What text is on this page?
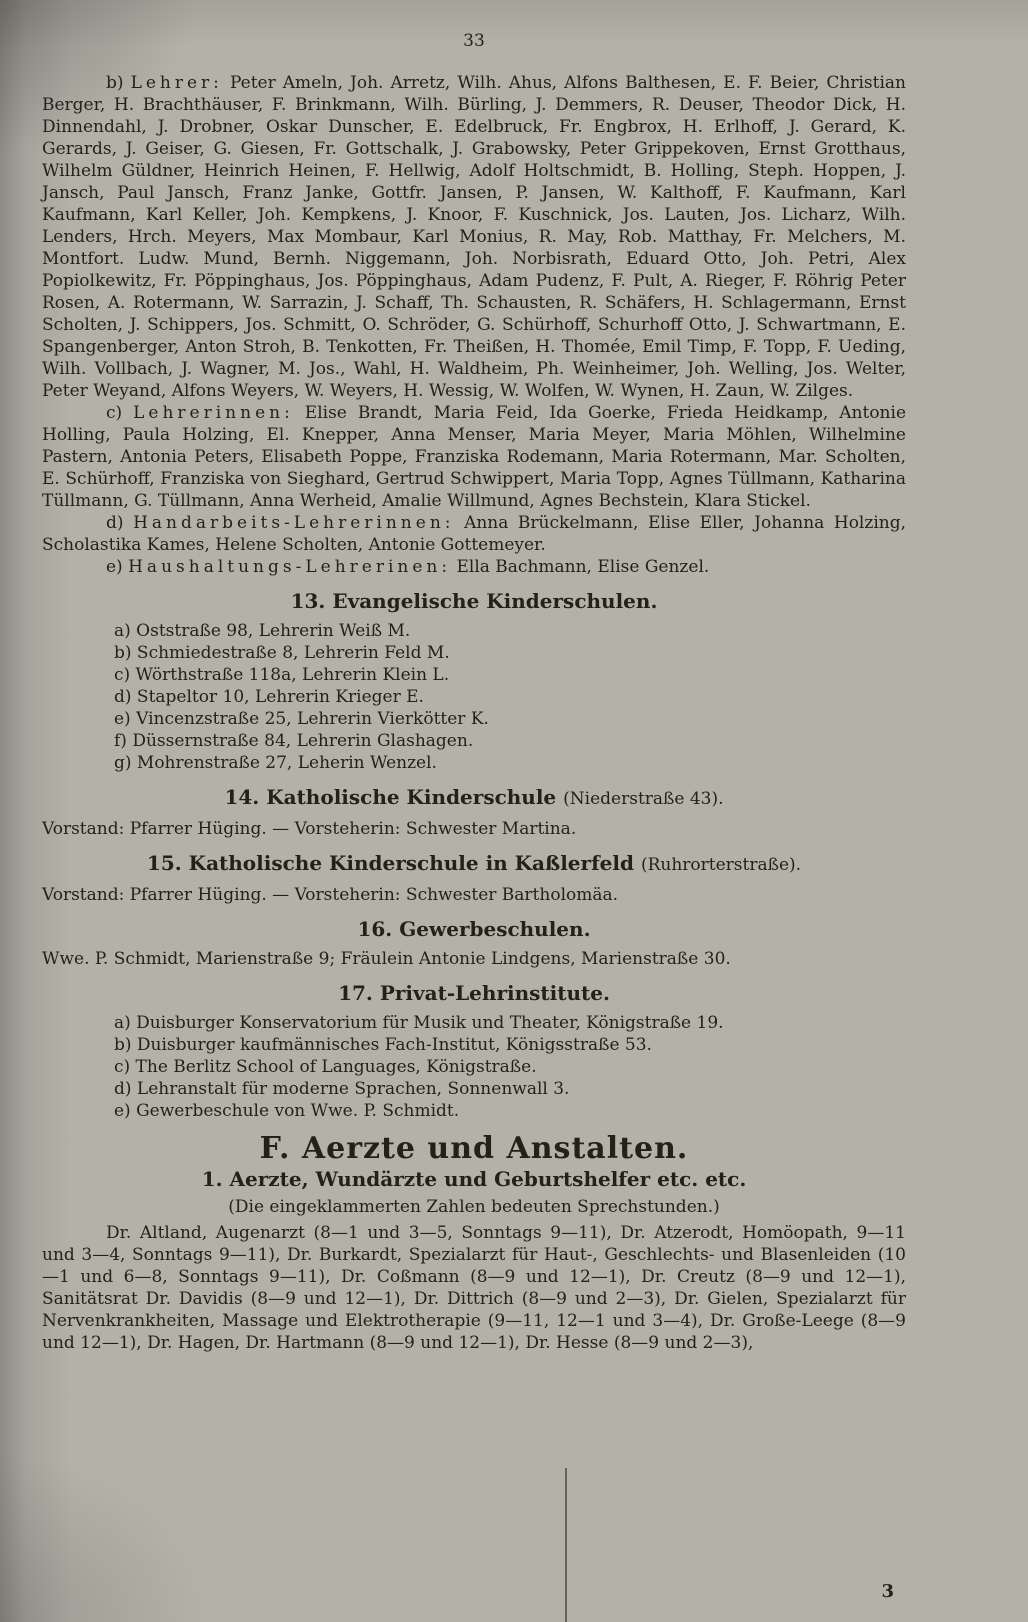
33

b) Lehrer: Peter Ameln, Joh. Arretz, Wilh. Ahus, Alfons Balthesen, E. F. Beier, Christian Berger, H. Brachthäuser, F. Brinkmann, Wilh. Bürling, J. Demmers, R. Deuser, Theodor Dick, H. Dinnendahl, J. Drobner, Oskar Dunscher, E. Edelbruck, Fr. Engbrox, H. Erlhoff, J. Gerard, K. Gerards, J. Geiser, G. Giesen, Fr. Gottschalk, J. Grabowsky, Peter Grippekoven, Ernst Grotthaus, Wilhelm Güldner, Heinrich Heinen, F. Hellwig, Adolf Holtschmidt, B. Holling, Steph. Hoppen, J. Jansch, Paul Jansch, Franz Janke, Gottfr. Jansen, P. Jansen, W. Kalthoff, F. Kaufmann, Karl Kaufmann, Karl Keller, Joh. Kempkens, J. Knoor, F. Kuschnick, Jos. Lauten, Jos. Licharz, Wilh. Lenders, Hrch. Meyers, Max Mombaur, Karl Monius, R. May, Rob. Matthay, Fr. Melchers, M. Montfort. Ludw. Mund, Bernh. Niggemann, Joh. Norbisrath, Eduard Otto, Joh. Petri, Alex Popiolkewitz, Fr. Pöppinghaus, Jos. Pöppinghaus, Adam Pudenz, F. Pult, A. Rieger, F. Röhrig Peter Rosen, A. Rotermann, W. Sarrazin, J. Schaff, Th. Schausten, R. Schäfers, H. Schlagermann, Ernst Scholten, J. Schippers, Jos. Schmitt, O. Schröder, G. Schürhoff, Schurhoff Otto, J. Schwartmann, E. Spangenberger, Anton Stroh, B. Tenkotten, Fr. Theißen, H. Thomée, Emil Timp, F. Topp, F. Ueding, Wilh. Vollbach, J. Wagner, M. Jos., Wahl, H. Waldheim, Ph. Weinheimer, Joh. Welling, Jos. Welter, Peter Weyand, Alfons Weyers, W. Weyers, H. Wessig, W. Wolfen, W. Wynen, H. Zaun, W. Zilges.

c) Lehrerinnen: Elise Brandt, Maria Feid, Ida Goerke, Frieda Heidkamp, Antonie Holling, Paula Holzing, El. Knepper, Anna Menser, Maria Meyer, Maria Möhlen, Wilhelmine Pastern, Antonia Peters, Elisabeth Poppe, Franziska Rodemann, Maria Rotermann, Mar. Scholten, E. Schürhoff, Franziska von Sieghard, Gertrud Schwippert, Maria Topp, Agnes Tüllmann, Katharina Tüllmann, G. Tüllmann, Anna Werheid, Amalie Willmund, Agnes Bechstein, Klara Stickel.

d) Handarbeits-Lehrerinnen: Anna Brückelmann, Elise Eller, Johanna Holzing, Scholastika Kames, Helene Scholten, Antonie Gottemeyer.

e) Haushaltungs-Lehrerinen: Ella Bachmann, Elise Genzel.

13. Evangelische Kinderschulen.
a) Oststraße 98, Lehrerin Weiß M.
b) Schmiedestraße 8, Lehrerin Feld M.
c) Wörthstraße 118a, Lehrerin Klein L.
d) Stapeltor 10, Lehrerin Krieger E.
e) Vincenzstraße 25, Lehrerin Vierkötter K.
f) Düssernstraße 84, Lehrerin Glashagen.
g) Mohrenstraße 27, Leherin Wenzel.
14. Katholische Kinderschule (Niederstraße 43).

Vorstand: Pfarrer Hüging. — Vorsteherin: Schwester Martina.

15. Katholische Kinderschule in Kaßlerfeld (Ruhrorterstraße).

Vorstand: Pfarrer Hüging. — Vorsteherin: Schwester Bartholomäa.

16. Gewerbeschulen.

Wwe. P. Schmidt, Marienstraße 9; Fräulein Antonie Lindgens, Marienstraße 30.

17. Privat-Lehrinstitute.
a) Duisburger Konservatorium für Musik und Theater, Königstraße 19.
b) Duisburger kaufmännisches Fach-Institut, Königsstraße 53.
c) The Berlitz School of Languages, Königstraße.
d) Lehranstalt für moderne Sprachen, Sonnenwall 3.
e) Gewerbeschule von Wwe. P. Schmidt.
F. Aerzte und Anstalten.
1. Aerzte, Wundärzte und Geburtshelfer etc. etc.
(Die eingeklammerten Zahlen bedeuten Sprechstunden.)

Dr. Altland, Augenarzt (8—1 und 3—5, Sonntags 9—11), Dr. Atzerodt, Homöopath, 9—11 und 3—4, Sonntags 9—11), Dr. Burkardt, Spezialarzt für Haut-, Geschlechts- und Blasenleiden (10—1 und 6—8, Sonntags 9—11), Dr. Coßmann (8—9 und 12—1), Dr. Creutz (8—9 und 12—1), Sanitätsrat Dr. Davidis (8—9 und 12—1), Dr. Dittrich (8—9 und 2—3), Dr. Gielen, Spezialarzt für Nervenkrankheiten, Massage und Elektrotherapie (9—11, 12—1 und 3—4), Dr. Große-Leege (8—9 und 12—1), Dr. Hagen, Dr. Hartmann (8—9 und 12—1), Dr. Hesse (8—9 und 2—3),

3
